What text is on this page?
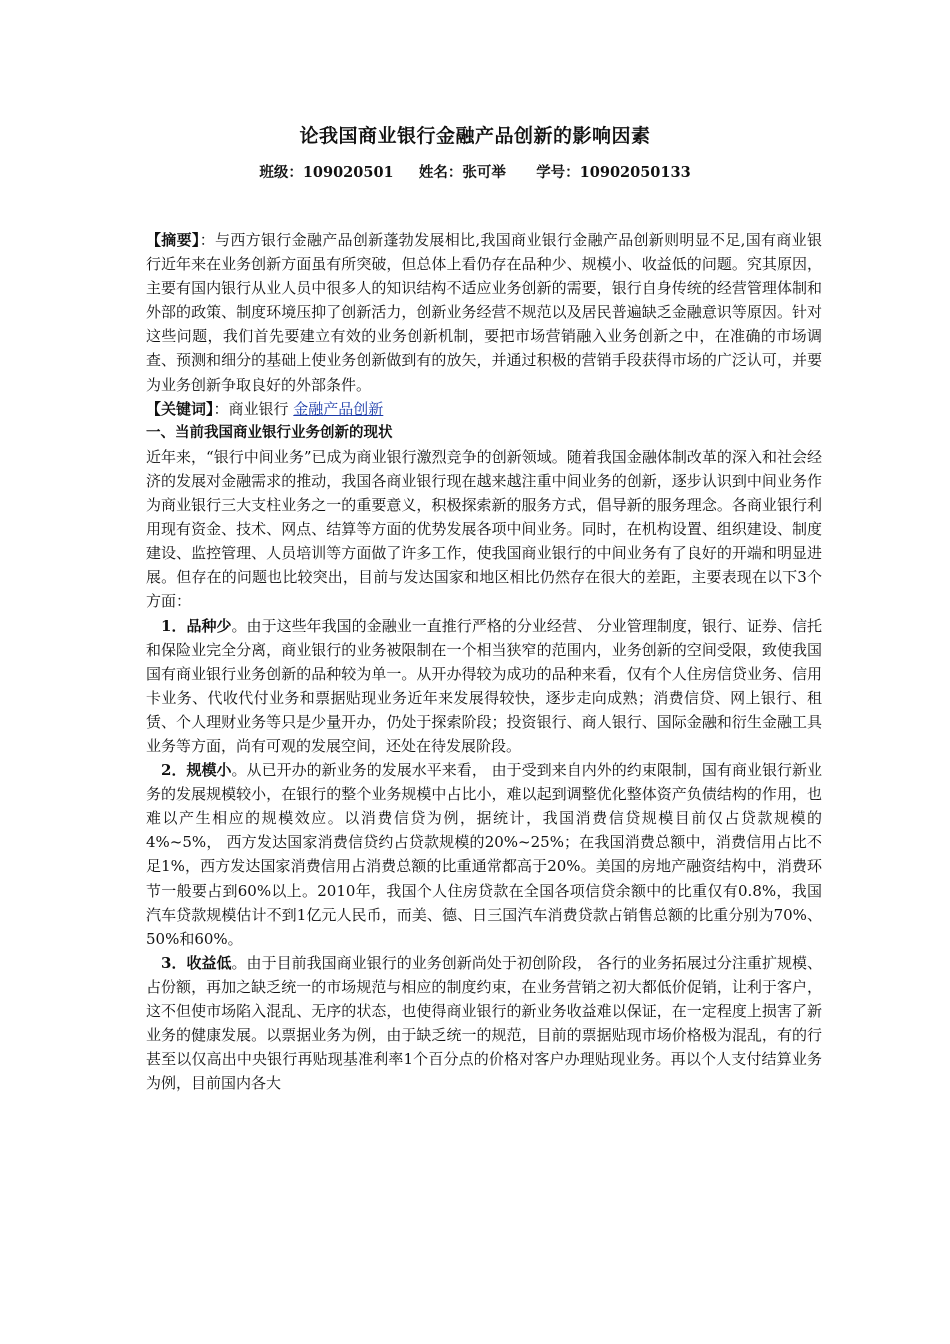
论我国商业银行金融产品创新的影响因素
班级：109020501 姓名：张可举 学号：10902050133

【摘要】：与西方银行金融产品创新蓬勃发展相比,我国商业银行金融产品创新则明显不足,国有商业银行近年来在业务创新方面虽有所突破，但总体上看仍存在品种少、规模小、收益低的问题。究其原因，主要有国内银行从业人员中很多人的知识结构不适应业务创新的需要，银行自身传统的经营管理体制和外部的政策、制度环境压抑了创新活力，创新业务经营不规范以及居民普遍缺乏金融意识等原因。针对这些问题，我们首先要建立有效的业务创新机制，要把市场营销融入业务创新之中，在准确的市场调查、预测和细分的基础上使业务创新做到有的放矢，并通过积极的营销手段获得市场的广泛认可，并要为业务创新争取良好的外部条件。

【关键词】：商业银行 金融产品创新

一、当前我国商业银行业务创新的现状

近年来，“银行中间业务”已成为商业银行激烈竞争的创新领域。随着我国金融体制改革的深入和社会经济的发展对金融需求的推动，我国各商业银行现在越来越注重中间业务的创新，逐步认识到中间业务作为商业银行三大支柱业务之一的重要意义，积极探索新的服务方式，倡导新的服务理念。各商业银行利用现有资金、技术、网点、结算等方面的优势发展各项中间业务。同时，在机构设置、组织建设、制度建设、监控管理、人员培训等方面做了许多工作，使我国商业银行的中间业务有了良好的开端和明显进展。但存在的问题也比较突出，目前与发达国家和地区相比仍然存在很大的差距，主要表现在以下3个方面：

1．品种少。由于这些年我国的金融业一直推行严格的分业经营、 分业管理制度，银行、证券、信托和保险业完全分离，商业银行的业务被限制在一个相当狭窄的范围内，业务创新的空间受限，致使我国国有商业银行业务创新的品种较为单一。从开办得较为成功的品种来看，仅有个人住房信贷业务、信用卡业务、代收代付业务和票据贴现业务近年来发展得较快，逐步走向成熟；消费信贷、网上银行、租赁、个人理财业务等只是少量开办，仍处于探索阶段；投资银行、商人银行、国际金融和衍生金融工具业务等方面，尚有可观的发展空间，还处在待发展阶段。

2．规模小。从已开办的新业务的发展水平来看， 由于受到来自内外的约束限制，国有商业银行新业务的发展规模较小，在银行的整个业务规模中占比小，难以起到调整优化整体资产负债结构的作用，也难以产生相应的规模效应。以消费信贷为例，据统计，我国消费信贷规模目前仅占贷款规模的4%~5%， 西方发达国家消费信贷约占贷款规模的20%~25%；在我国消费总额中，消费信用占比不足1%，西方发达国家消费信用占消费总额的比重通常都高于20%。美国的房地产融资结构中，消费环节一般要占到60%以上。2010年，我国个人住房贷款在全国各项信贷余额中的比重仅有0.8%，我国汽车贷款规模估计不到1亿元人民币，而美、德、日三国汽车消费贷款占销售总额的比重分别为70%、50%和60%。

3．收益低。由于目前我国商业银行的业务创新尚处于初创阶段， 各行的业务拓展过分注重扩规模、占份额，再加之缺乏统一的市场规范与相应的制度约束，在业务营销之初大都低价促销，让利于客户，这不但使市场陷入混乱、无序的状态，也使得商业银行的新业务收益难以保证，在一定程度上损害了新业务的健康发展。以票据业务为例，由于缺乏统一的规范，目前的票据贴现市场价格极为混乱，有的行甚至以仅高出中央银行再贴现基准利率1个百分点的价格对客户办理贴现业务。再以个人支付结算业务为例，目前国内各大
